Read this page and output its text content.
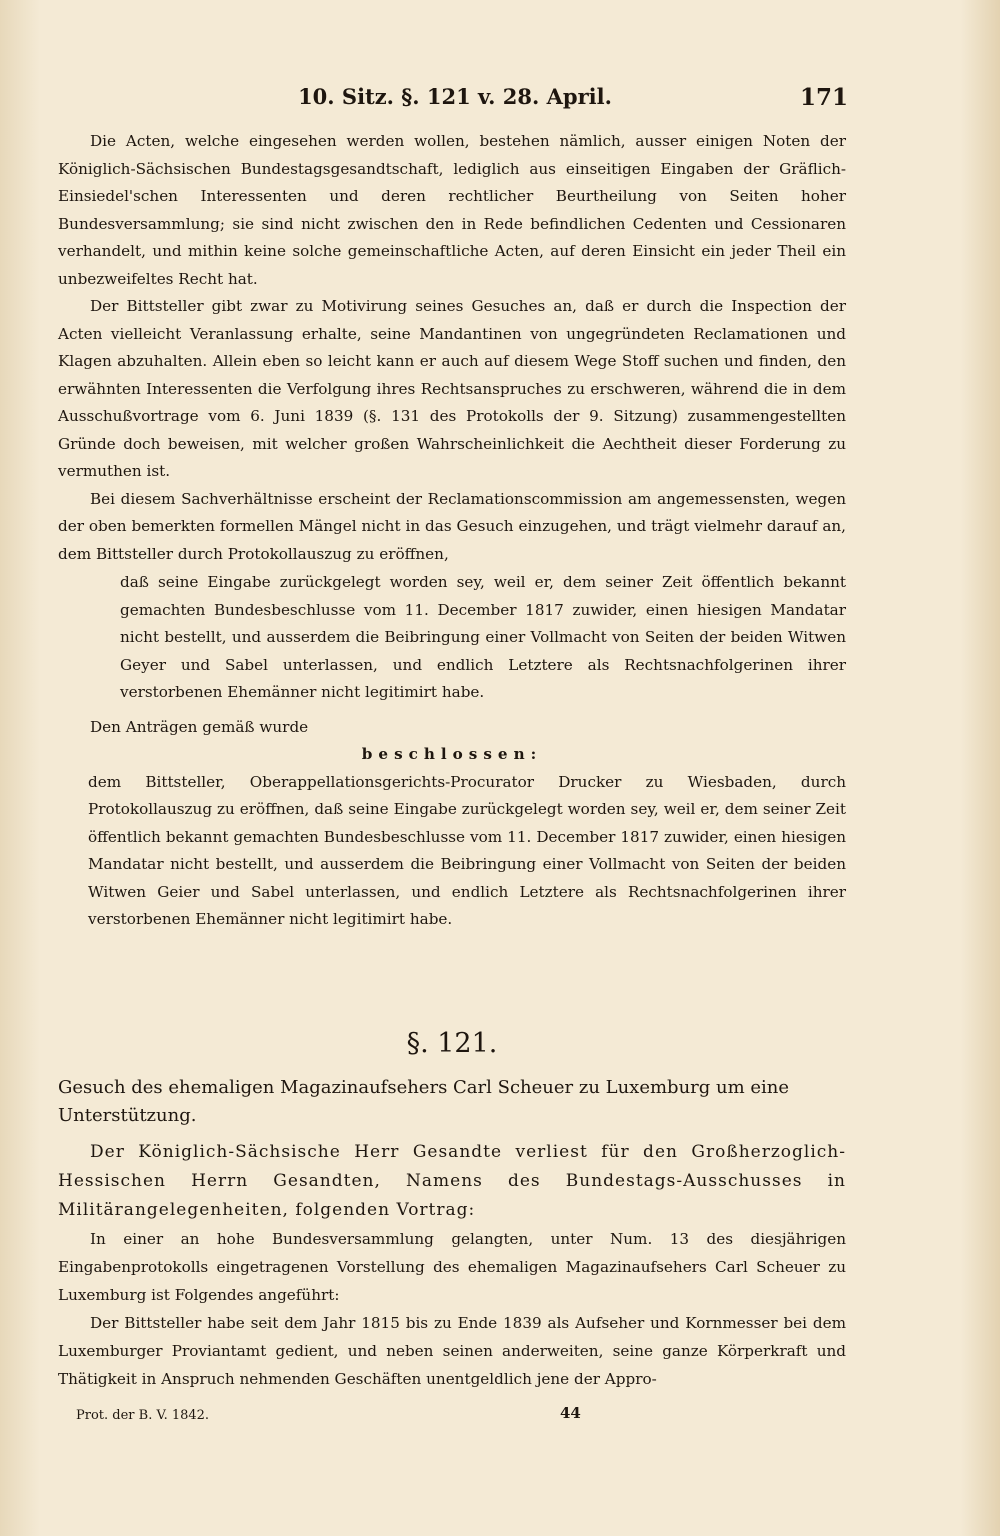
10. Sitz. §. 121 v. 28. April.	171

Die Acten, welche eingesehen werden wollen, bestehen nämlich, ausser einigen Noten der Königlich-Sächsischen Bundestagsgesandtschaft, lediglich aus einseitigen Eingaben der Gräflich-Einsiedel'schen Interessenten und deren rechtlicher Beurtheilung von Seiten hoher Bundesversammlung; sie sind nicht zwischen den in Rede befindlichen Cedenten und Cessionaren verhandelt, und mithin keine solche gemeinschaftliche Acten, auf deren Einsicht ein jeder Theil ein unbezweifeltes Recht hat.

Der Bittsteller gibt zwar zu Motivirung seines Gesuches an, daß er durch die Inspection der Acten vielleicht Veranlassung erhalte, seine Mandantinen von ungegründeten Reclamationen und Klagen abzuhalten. Allein eben so leicht kann er auch auf diesem Wege Stoff suchen und finden, den erwähnten Interessenten die Verfolgung ihres Rechtsanspruches zu erschweren, während die in dem Ausschußvortrage vom 6. Juni 1839 (§. 131 des Protokolls der 9. Sitzung) zusammengestellten Gründe doch beweisen, mit welcher großen Wahrscheinlichkeit die Aechtheit dieser Forderung zu vermuthen ist.

Bei diesem Sachverhältnisse erscheint der Reclamationscommission am angemessensten, wegen der oben bemerkten formellen Mängel nicht in das Gesuch einzugehen, und trägt vielmehr darauf an, dem Bittsteller durch Protokollauszug zu eröffnen,

daß seine Eingabe zurückgelegt worden sey, weil er, dem seiner Zeit öffentlich bekannt gemachten Bundesbeschlusse vom 11. December 1817 zuwider, einen hiesigen Mandatar nicht bestellt, und ausserdem die Beibringung einer Vollmacht von Seiten der beiden Witwen Geyer und Sabel unterlassen, und endlich Letztere als Rechtsnachfolgerinen ihrer verstorbenen Ehemänner nicht legitimirt habe.

Den Anträgen gemäß wurde

beschlossen:

dem Bittsteller, Oberappellationsgerichts-Procurator Drucker zu Wiesbaden, durch Protokollauszug zu eröffnen, daß seine Eingabe zurückgelegt worden sey, weil er, dem seiner Zeit öffentlich bekannt gemachten Bundesbeschlusse vom 11. December 1817 zuwider, einen hiesigen Mandatar nicht bestellt, und ausserdem die Beibringung einer Vollmacht von Seiten der beiden Witwen Geier und Sabel unterlassen, und endlich Letztere als Rechtsnachfolgerinen ihrer verstorbenen Ehemänner nicht legitimirt habe.

§. 121.
Gesuch des ehemaligen Magazinaufsehers Carl Scheuer zu Luxemburg um eine Unterstützung.

Der Königlich-Sächsische Herr Gesandte verliest für den Großherzoglich-Hessischen Herrn Gesandten, Namens des Bundestags-Ausschusses in Militärangelegenheiten, folgenden Vortrag:

In einer an hohe Bundesversammlung gelangten, unter Num. 13 des diesjährigen Eingabenprotokolls eingetragenen Vorstellung des ehemaligen Magazinaufsehers Carl Scheuer zu Luxemburg ist Folgendes angeführt:

Der Bittsteller habe seit dem Jahr 1815 bis zu Ende 1839 als Aufseher und Kornmesser bei dem Luxemburger Proviantamt gedient, und neben seinen anderweiten, seine ganze Körperkraft und Thätigkeit in Anspruch nehmenden Geschäften unentgeldlich jene der Appro-

Prot. der B. V. 1842.	44
